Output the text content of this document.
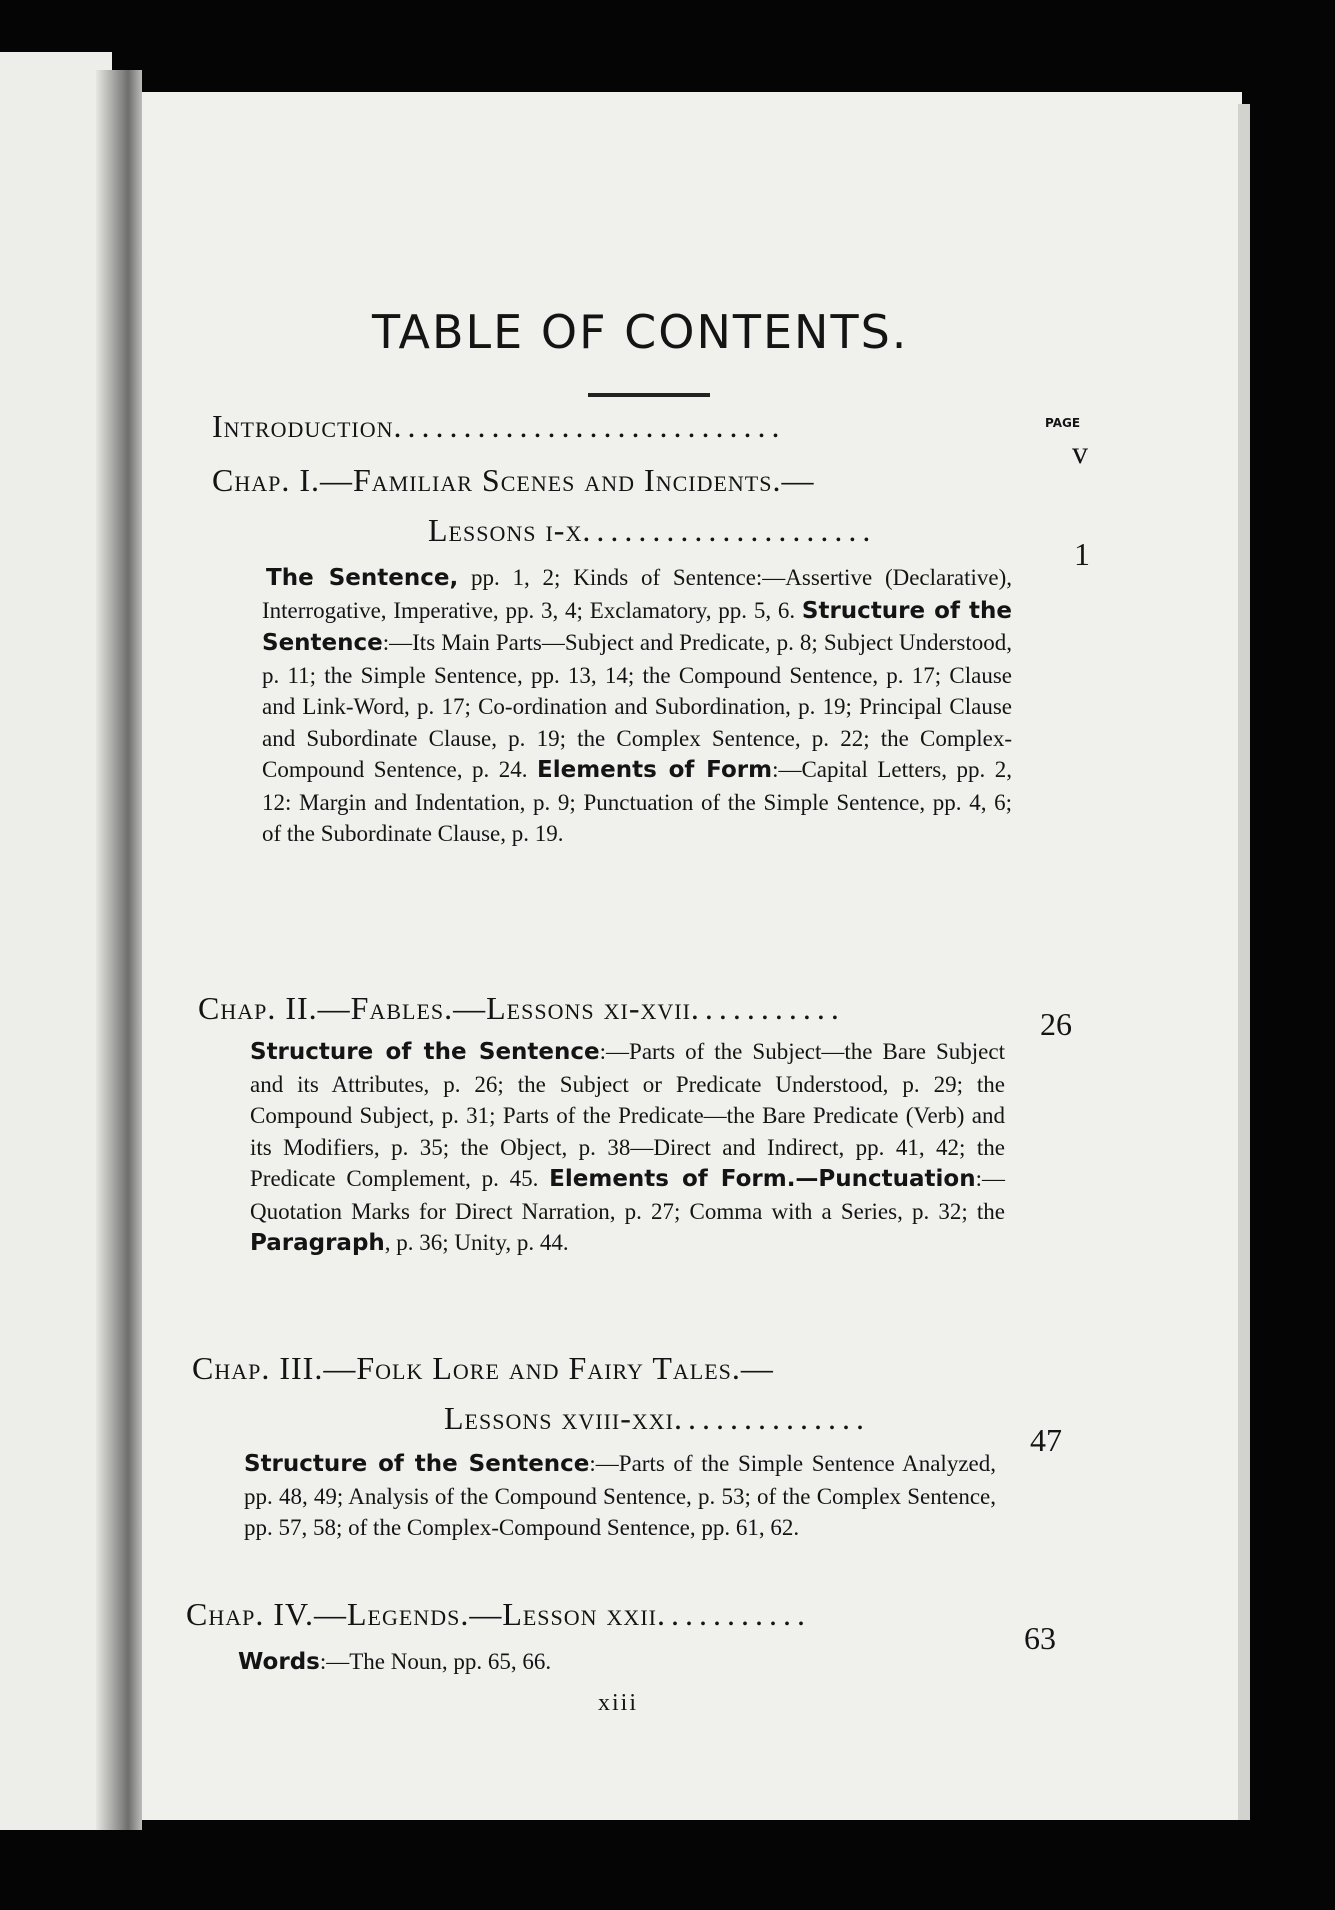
TABLE OF CONTENTS.
PAGE
Introduction............................
v
Chap. I.—Familiar Scenes and Incidents.—
Lessons i-x.....................
1

The Sentence, pp. 1, 2; Kinds of Sentence:—Assertive (Declarative), Interrogative, Imperative, pp. 3, 4; Exclamatory, pp. 5, 6. Structure of the Sentence:—Its Main Parts—Subject and Predicate, p. 8; Subject Understood, p. 11; the Simple Sentence, pp. 13, 14; the Compound Sentence, p. 17; Clause and Link-Word, p. 17; Co-ordination and Subordination, p. 19; Principal Clause and Subordinate Clause, p. 19; the Complex Sentence, p. 22; the Complex-Compound Sentence, p. 24. Elements of Form:—Capital Letters, pp. 2, 12: Margin and Indentation, p. 9; Punctuation of the Simple Sentence, pp. 4, 6; of the Subordinate Clause, p. 19.

Chap. II.—Fables.—Lessons xi-xvii...........	26

Structure of the Sentence:—Parts of the Subject—the Bare Subject and its Attributes, p. 26; the Subject or Predicate Understood, p. 29; the Compound Subject, p. 31; Parts of the Predicate—the Bare Predicate (Verb) and its Modifiers, p. 35; the Object, p. 38—Direct and Indirect, pp. 41, 42; the Predicate Complement, p. 45. Elements of Form.—Punctuation:—Quotation Marks for Direct Narration, p. 27; Comma with a Series, p. 32; the Paragraph, p. 36; Unity, p. 44.

Chap. III.—Folk Lore and Fairy Tales.—
Lessons xviii-xxi..............
47

Structure of the Sentence:—Parts of the Simple Sentence Analyzed, pp. 48, 49; Analysis of the Compound Sentence, p. 53; of the Complex Sentence, pp. 57, 58; of the Complex-Compound Sentence, pp. 61, 62.

Chap. IV.—Legends.—Lesson xxii...........
63

Words:—The Noun, pp. 65, 66.

xiii
